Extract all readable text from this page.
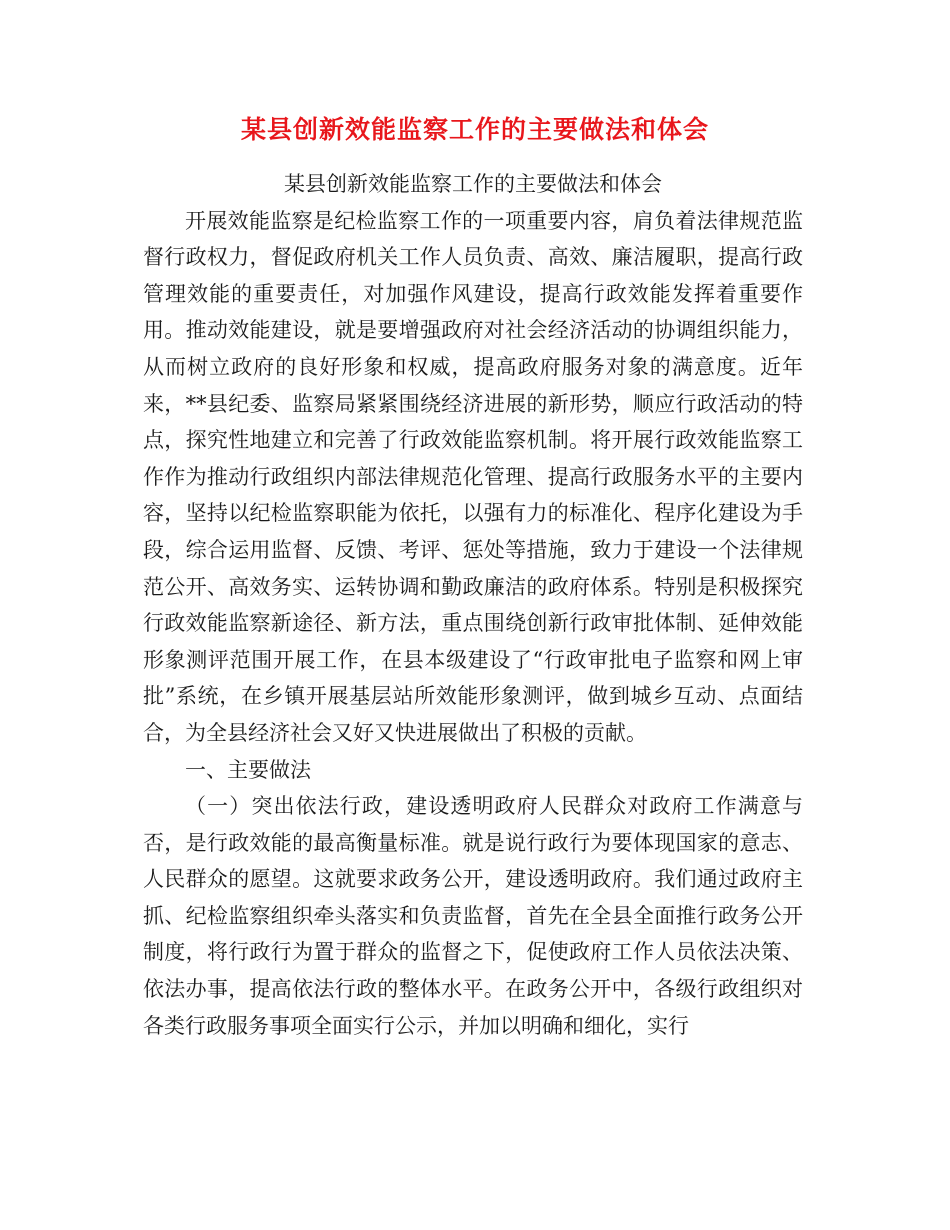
某县创新效能监察工作的主要做法和体会

某县创新效能监察工作的主要做法和体会

开展效能监察是纪检监察工作的一项重要内容，肩负着法律规范监督行政权力，督促政府机关工作人员负责、高效、廉洁履职，提高行政管理效能的重要责任，对加强作风建设，提高行政效能发挥着重要作用。推动效能建设，就是要增强政府对社会经济活动的协调组织能力，从而树立政府的良好形象和权威，提高政府服务对象的满意度。近年来，**县纪委、监察局紧紧围绕经济进展的新形势，顺应行政活动的特点，探究性地建立和完善了行政效能监察机制。将开展行政效能监察工作作为推动行政组织内部法律规范化管理、提高行政服务水平的主要内容，坚持以纪检监察职能为依托，以强有力的标准化、程序化建设为手段，综合运用监督、反馈、考评、惩处等措施，致力于建设一个法律规范公开、高效务实、运转协调和勤政廉洁的政府体系。特别是积极探究行政效能监察新途径、新方法，重点围绕创新行政审批体制、延伸效能形象测评范围开展工作，在县本级建设了“行政审批电子监察和网上审批”系统，在乡镇开展基层站所效能形象测评，做到城乡互动、点面结合，为全县经济社会又好又快进展做出了积极的贡献。

一、主要做法

（一）突出依法行政，建设透明政府人民群众对政府工作满意与否，是行政效能的最高衡量标准。就是说行政行为要体现国家的意志、人民群众的愿望。这就要求政务公开，建设透明政府。我们通过政府主抓、纪检监察组织牵头落实和负责监督，首先在全县全面推行政务公开制度，将行政行为置于群众的监督之下，促使政府工作人员依法决策、依法办事，提高依法行政的整体水平。在政务公开中，各级行政组织对各类行政服务事项全面实行公示，并加以明确和细化，实行
